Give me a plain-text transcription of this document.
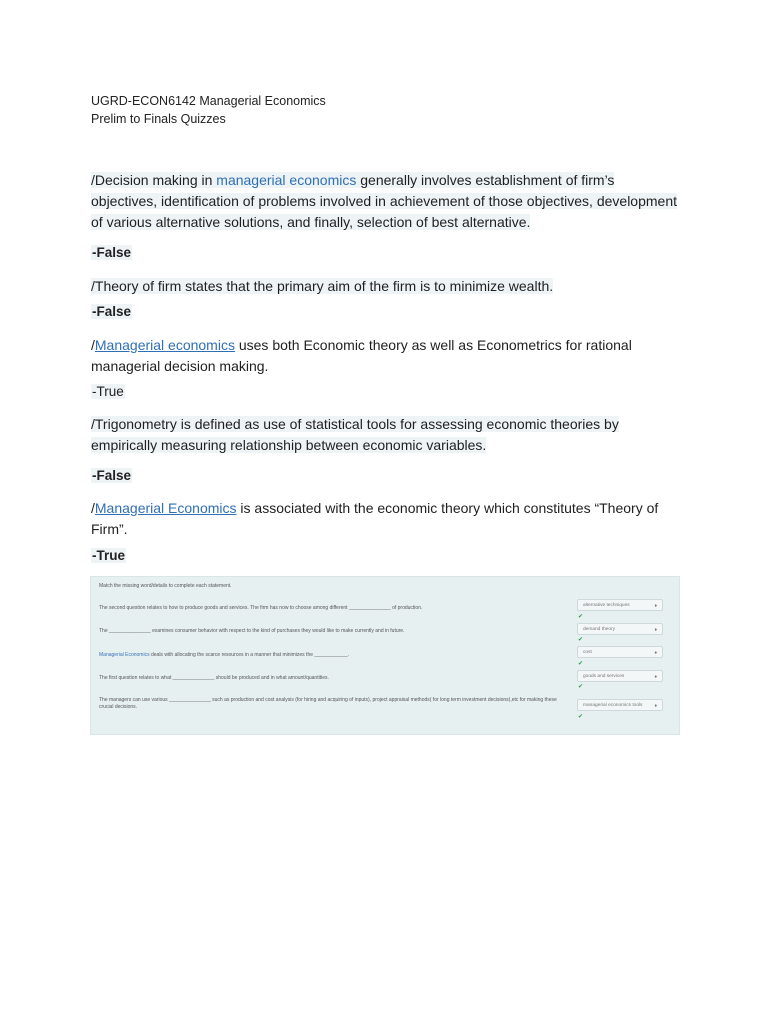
UGRD-ECON6142 Managerial Economics
Prelim to Finals Quizzes
/Decision making in managerial economics generally involves establishment of firm’s objectives, identification of problems involved in achievement of those objectives, development of various alternative solutions, and finally, selection of best alternative.
-False
/Theory of firm states that the primary aim of the firm is to minimize wealth.
-False
/Managerial economics uses both Economic theory as well as Econometrics for rational managerial decision making.
-True
/Trigonometry is defined as use of statistical tools for assessing economic theories by empirically measuring relationship between economic variables.
-False
/Managerial Economics is associated with the economic theory which constitutes “Theory of Firm”.
-True
Match the missing word/details to complete each statement.
The second question relates to how to produce goods and services. The firm has now to choose among different _______________ of production.	alternative techniques	♦
✔
The _______________ examines consumer behavior with respect to the kind of purchases they would like to make currently and in future.	demand theory	♦
✔
Managerial Economics deals with allocating the scarce resources in a manner that minimizes the ____________.	cost	♦
✔
The first question relates to what _______________ should be produced and in what amount/quantities.	goods and services	♦
✔
The managers can use various _______________ such as production and cost analysis (for hiring and acquiring of inputs), project appraisal methods( for long term investment decisions),etc for making these crucial decisions.	managerial economics tools ♦
✔
